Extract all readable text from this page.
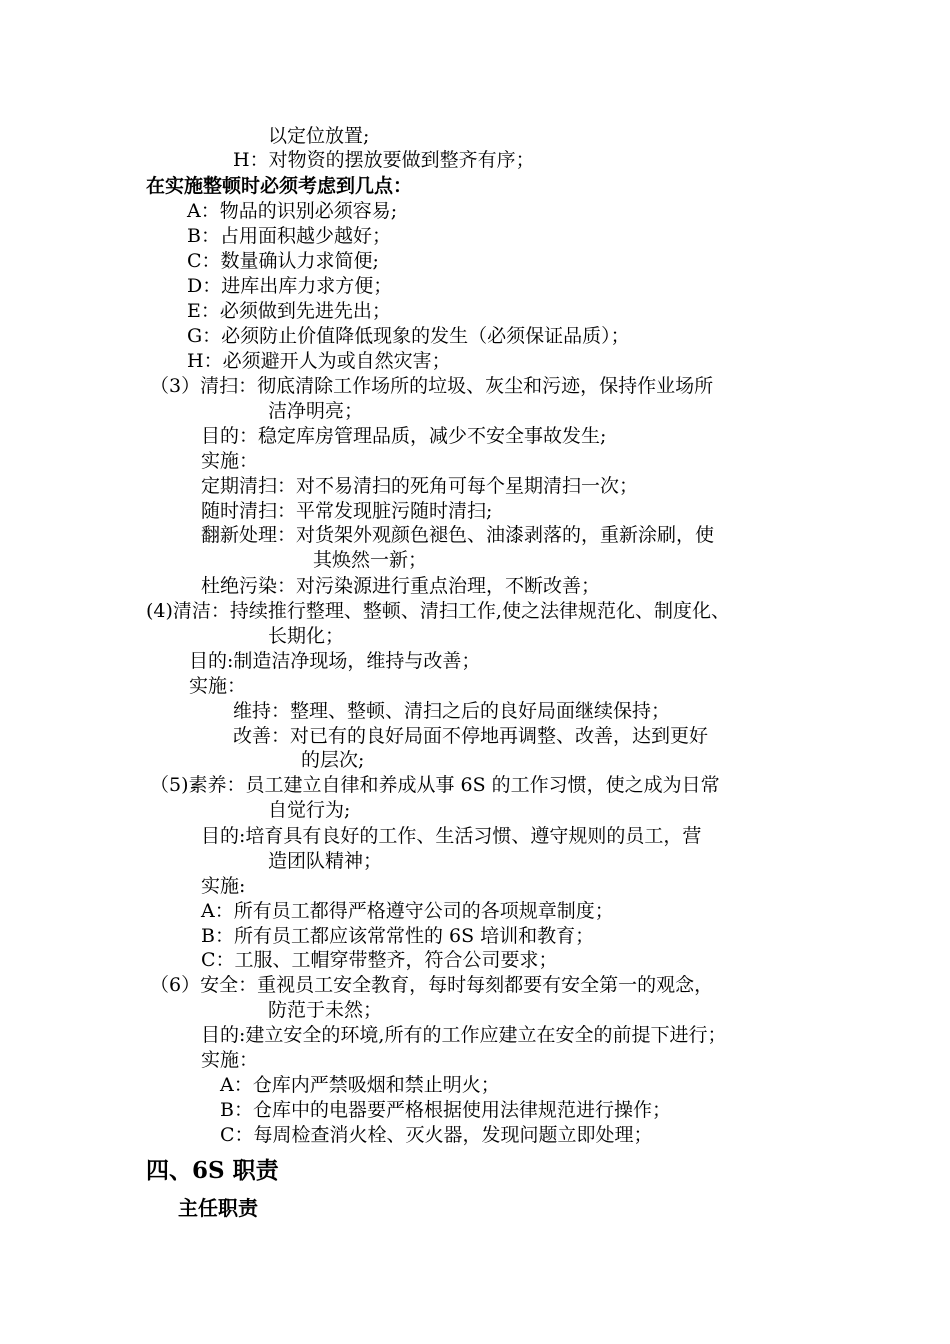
以定位放置;
H：对物资的摆放要做到整齐有序；
在实施整顿时必须考虑到几点：
A：物品的识别必须容易;
B：占用面积越少越好；
C：数量确认力求简便;
D：进库出库力求方便；
E：必须做到先进先出；
G：必须防止价值降低现象的发生（必须保证品质）；
H：必须避开人为或自然灾害；
（3）清扫：彻底清除工作场所的垃圾、灰尘和污迹，保持作业场所
洁净明亮；
目的：稳定库房管理品质，减少不安全事故发生;
实施：
定期清扫：对不易清扫的死角可每个星期清扫一次；
随时清扫：平常发现脏污随时清扫;
翻新处理：对货架外观颜色褪色、油漆剥落的，重新涂刷，使
其焕然一新；
杜绝污染：对污染源进行重点治理，不断改善；
(4)清洁：持续推行整理、整顿、清扫工作,使之法律规范化、制度化、
长期化；
目的:制造洁净现场，维持与改善；
实施：
维持：整理、整顿、清扫之后的良好局面继续保持；
改善：对已有的良好局面不停地再调整、改善，达到更好
的层次;
（5)素养：员工建立自律和养成从事 6S 的工作习惯，使之成为日常
自觉行为;
目的:培育具有良好的工作、生活习惯、遵守规则的员工，营
造团队精神；
实施:
A：所有员工都得严格遵守公司的各项规章制度；
B：所有员工都应该常常性的 6S 培训和教育；
C：工服、工帽穿带整齐，符合公司要求；
（6）安全：重视员工安全教育，每时每刻都要有安全第一的观念，
防范于未然；
目的:建立安全的环境,所有的工作应建立在安全的前提下进行；
实施：
A：仓库内严禁吸烟和禁止明火；
B：仓库中的电器要严格根据使用法律规范进行操作；
C：每周检查消火栓、灭火器，发现问题立即处理；
四、6S 职责
主任职责
